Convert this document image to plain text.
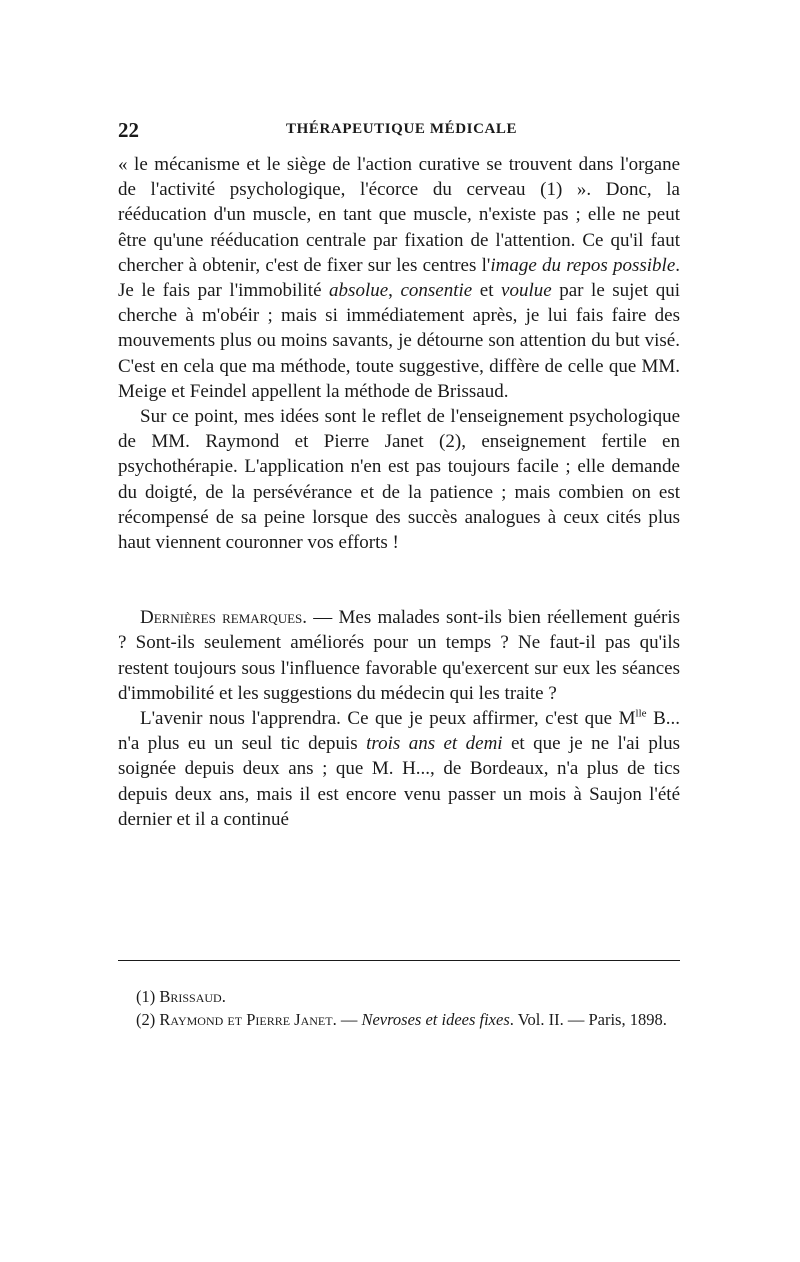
22	THÉRAPEUTIQUE MÉDICALE

« le mécanisme et le siège de l'action curative se trouvent dans l'organe de l'activité psychologique, l'écorce du cerveau (1) ». Donc, la rééducation d'un muscle, en tant que muscle, n'existe pas ; elle ne peut être qu'une rééducation centrale par fixation de l'attention. Ce qu'il faut chercher à obtenir, c'est de fixer sur les centres l'image du repos possible. Je le fais par l'immobilité absolue, consentie et voulue par le sujet qui cherche à m'obéir ; mais si immédiatement après, je lui fais faire des mouvements plus ou moins savants, je détourne son attention du but visé. C'est en cela que ma méthode, toute suggestive, diffère de celle que MM. Meige et Feindel appellent la méthode de Brissaud.

Sur ce point, mes idées sont le reflet de l'enseignement psychologique de MM. Raymond et Pierre Janet (2), enseignement fertile en psychothérapie. L'application n'en est pas toujours facile ; elle demande du doigté, de la persévérance et de la patience ; mais combien on est récompensé de sa peine lorsque des succès analogues à ceux cités plus haut viennent couronner vos efforts !

Dernières remarques. — Mes malades sont-ils bien réellement guéris ? Sont-ils seulement améliorés pour un temps ? Ne faut-il pas qu'ils restent toujours sous l'influence favorable qu'exercent sur eux les séances d'immobilité et les suggestions du médecin qui les traite ?

L'avenir nous l'apprendra. Ce que je peux affirmer, c'est que $M^{lle}$ B... n'a plus eu un seul tic depuis trois ans et demi et que je ne l'ai plus soignée depuis deux ans ; que M. H..., de Bordeaux, n'a plus de tics depuis deux ans, mais il est encore venu passer un mois à Saujon l'été dernier et il a continué

(1) Brissaud.

(2) Raymond et Pierre Janet. — Nevroses et idees fixes. Vol. II. — Paris, 1898.
